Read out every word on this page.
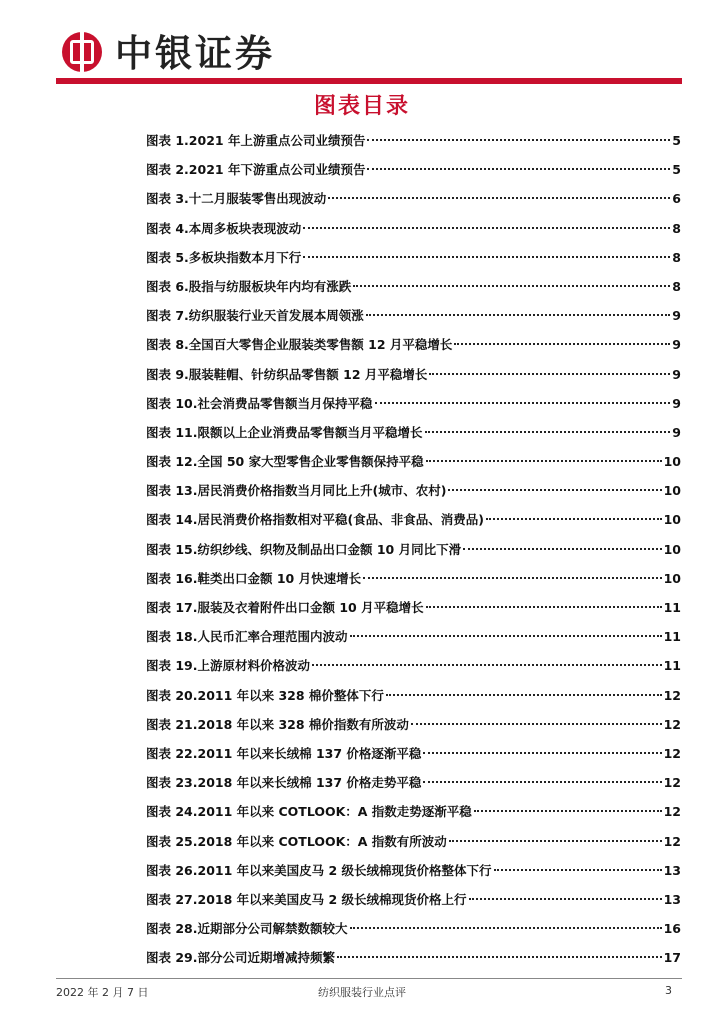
中银证券
图表目录
图表 1.2021 年上游重点公司业绩预告	5
图表 2.2021 年下游重点公司业绩预告	5
图表 3.十二月服装零售出现波动	6
图表 4.本周多板块表现波动	8
图表 5.多板块指数本月下行	8
图表 6.股指与纺服板块年内均有涨跌	8
图表 7.纺织服装行业天首发展本周领涨	9
图表 8.全国百大零售企业服装类零售额 12 月平稳增长	9
图表 9.服装鞋帽、针纺织品零售额 12 月平稳增长	9
图表 10.社会消费品零售额当月保持平稳	9
图表 11.限额以上企业消费品零售额当月平稳增长	9
图表 12.全国 50 家大型零售企业零售额保持平稳	10
图表 13.居民消费价格指数当月同比上升(城市、农村)	10
图表 14.居民消费价格指数相对平稳(食品、非食品、消费品)	10
图表 15.纺织纱线、织物及制品出口金额 10 月同比下滑	10
图表 16.鞋类出口金额 10 月快速增长	10
图表 17.服装及衣着附件出口金额 10 月平稳增长	11
图表 18.人民币汇率合理范围内波动	11
图表 19.上游原材料价格波动	11
图表 20.2011 年以来 328 棉价整体下行	12
图表 21.2018 年以来 328 棉价指数有所波动	12
图表 22.2011 年以来长绒棉 137 价格逐渐平稳	12
图表 23.2018 年以来长绒棉 137 价格走势平稳	12
图表 24.2011 年以来 COTLOOK：A 指数走势逐渐平稳	12
图表 25.2018 年以来 COTLOOK：A 指数有所波动	12
图表 26.2011 年以来美国皮马 2 级长绒棉现货价格整体下行	13
图表 27.2018 年以来美国皮马 2 级长绒棉现货价格上行	13
图表 28.近期部分公司解禁数额较大	16
图表 29.部分公司近期增减持频繁	17
2022 年 2 月 7 日	纺织服装行业点评	3
